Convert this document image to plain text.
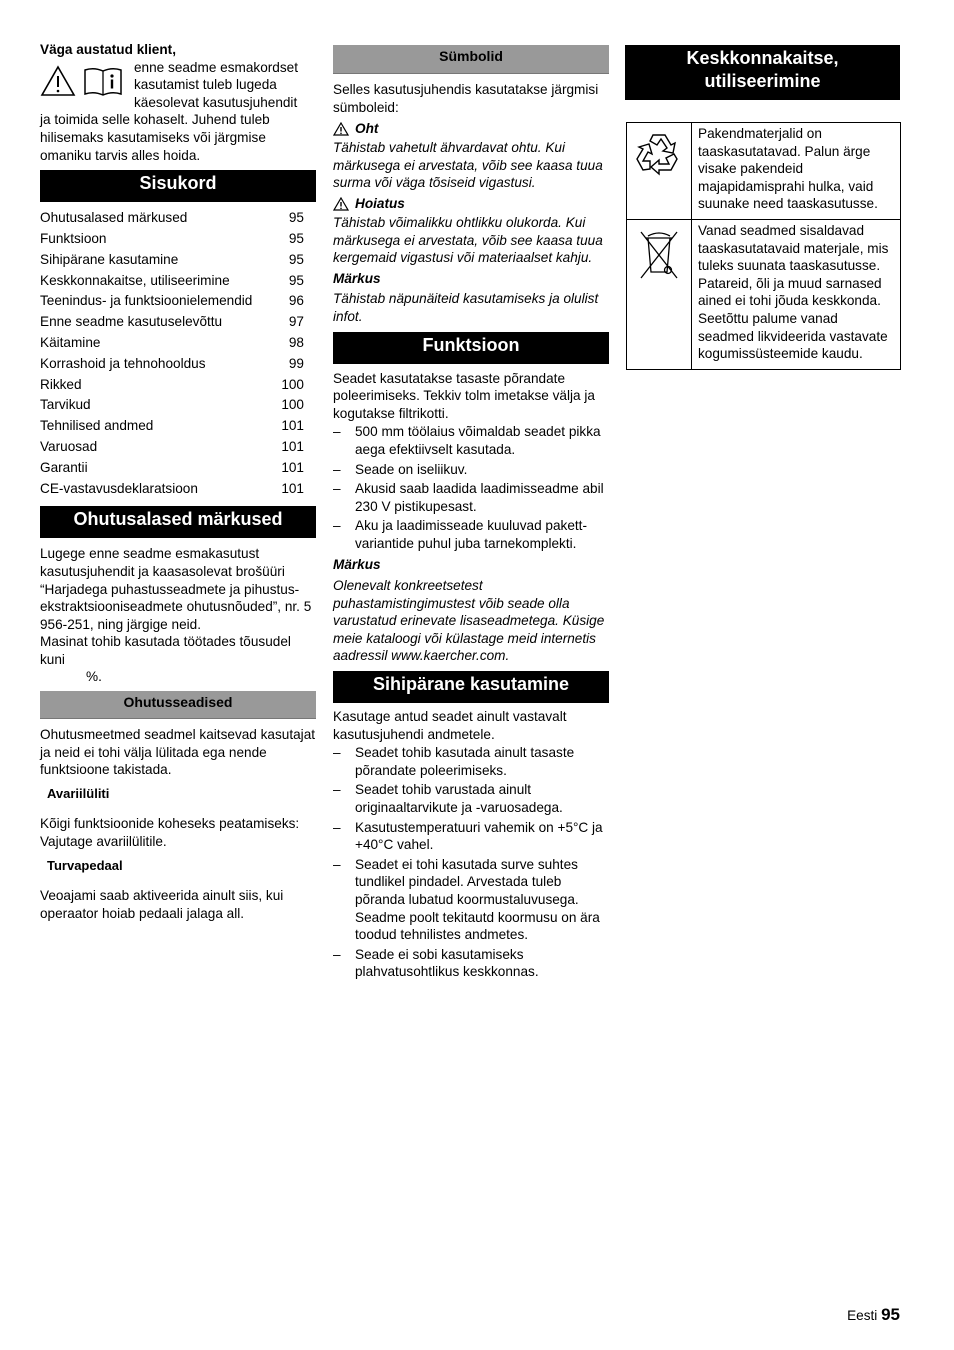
Väga austatud klient,

enne seadme esmakordset

kasutamist tuleb lugeda

käesolevat kasutusjuhendit

ja toimida selle kohaselt. Juhend tuleb hilisemaks kasutamiseks või järgmise omaniku tarvis alles hoida.

Sisukord
Ohutusalased märkused	95
Funktsioon	95
Sihipärane kasutamine	95
Keskkonnakaitse, utiliseerimine	95
Teenindus- ja funktsioonielemendid	96
Enne seadme kasutuselevõttu	97
Käitamine	98
Korrashoid ja tehnohooldus	99
Rikked	100
Tarvikud	100
Tehnilised andmed	101
Varuosad	101
Garantii	101
CE-vastavusdeklaratsioon	101
Ohutusalased märkused

Lugege enne seadme esmakasutust kasutusjuhendit ja kaasasolevat brošüüri “Harjadega puhastusseadmete ja pihustus-ekstraktsiooniseadmete ohutusnõuded”, nr. 5 956-251, ning järgige neid.

Masinat tohib kasutada töötades tõusudel kuni
%.

Ohutusseadised

Ohutusmeetmed seadmel kaitsevad kasutajat ja neid ei tohi välja lülitada ega nende funktsioone takistada.

Avariilüliti

Kõigi funktsioonide koheseks peatamiseks: Vajutage avariilülitile.

Turvapedaal

Veoajami saab aktiveerida ainult siis, kui operaator hoiab pedaali jalaga all.

Sümbolid

Selles kasutusjuhendis kasutatakse järgmisi sümboleid:

Oht

Tähistab vahetult ähvardavat ohtu. Kui märkusega ei arvestata, võib see kaasa tuua surma või väga tõsiseid vigastusi.

Hoiatus

Tähistab võimalikku ohtlikku olukorda. Kui märkusega ei arvestata, võib see kaasa tuua kergemaid vigastusi või materiaalset kahju.

Märkus

Tähistab näpunäiteid kasutamiseks ja olulist infot.

Funktsioon

Seadet kasutatakse tasaste põrandate poleerimiseks. Tekkiv tolm imetakse välja ja kogutakse filtrikotti.

–	500 mm töölaius võimaldab seadet pikka aega efektiivselt kasutada.
–	Seade on iseliikuv.
–	Akusid saab laadida laadimisseadme abil 230 V pistikupesast.
–	Aku ja laadimisseade kuuluvad pakett-variantide puhul juba tarnekomplekti.

Märkus

Olenevalt konkreetsetest puhastamistingimustest võib seade olla varustatud erinevate lisaseadmetega. Küsige meie kataloogi või külastage meid internetis aadressil www.kaercher.com.

Sihipärane kasutamine

Kasutage antud seadet ainult vastavalt kasutusjuhendi andmetele.

–	Seadet tohib kasutada ainult tasaste põrandate poleerimiseks.
–	Seadet tohib varustada ainult originaaltarvikute ja -varuosadega.
–	Kasutustemperatuuri vahemik on +5°C ja +40°C vahel.
–	Seadet ei tohi kasutada surve suhtes tundlikel pindadel. Arvestada tuleb põranda lubatud koormustaluvusega. Seadme poolt tekitautd koormusu on ära toodud tehnilistes andmetes.
–	Seade ei sobi kasutamiseks plahvatusohtlikus keskkonnas.
Keskkonnakaitse,
utiliseerimine
	Pakendmaterjalid on taaskasutatavad. Palun ärge visake pakendeid majapidamisprahi hulka, vaid suunake need taaskasutusse.
	Vanad seadmed sisaldavad taaskasutatavaid materjale, mis tuleks suunata taaskasutusse. Patareid, õli ja muud sarnased ained ei tohi jõuda keskkonda. Seetõttu palume vanad seadmed likvideerida vastavate kogumissüsteemide kaudu.
Eesti 95
